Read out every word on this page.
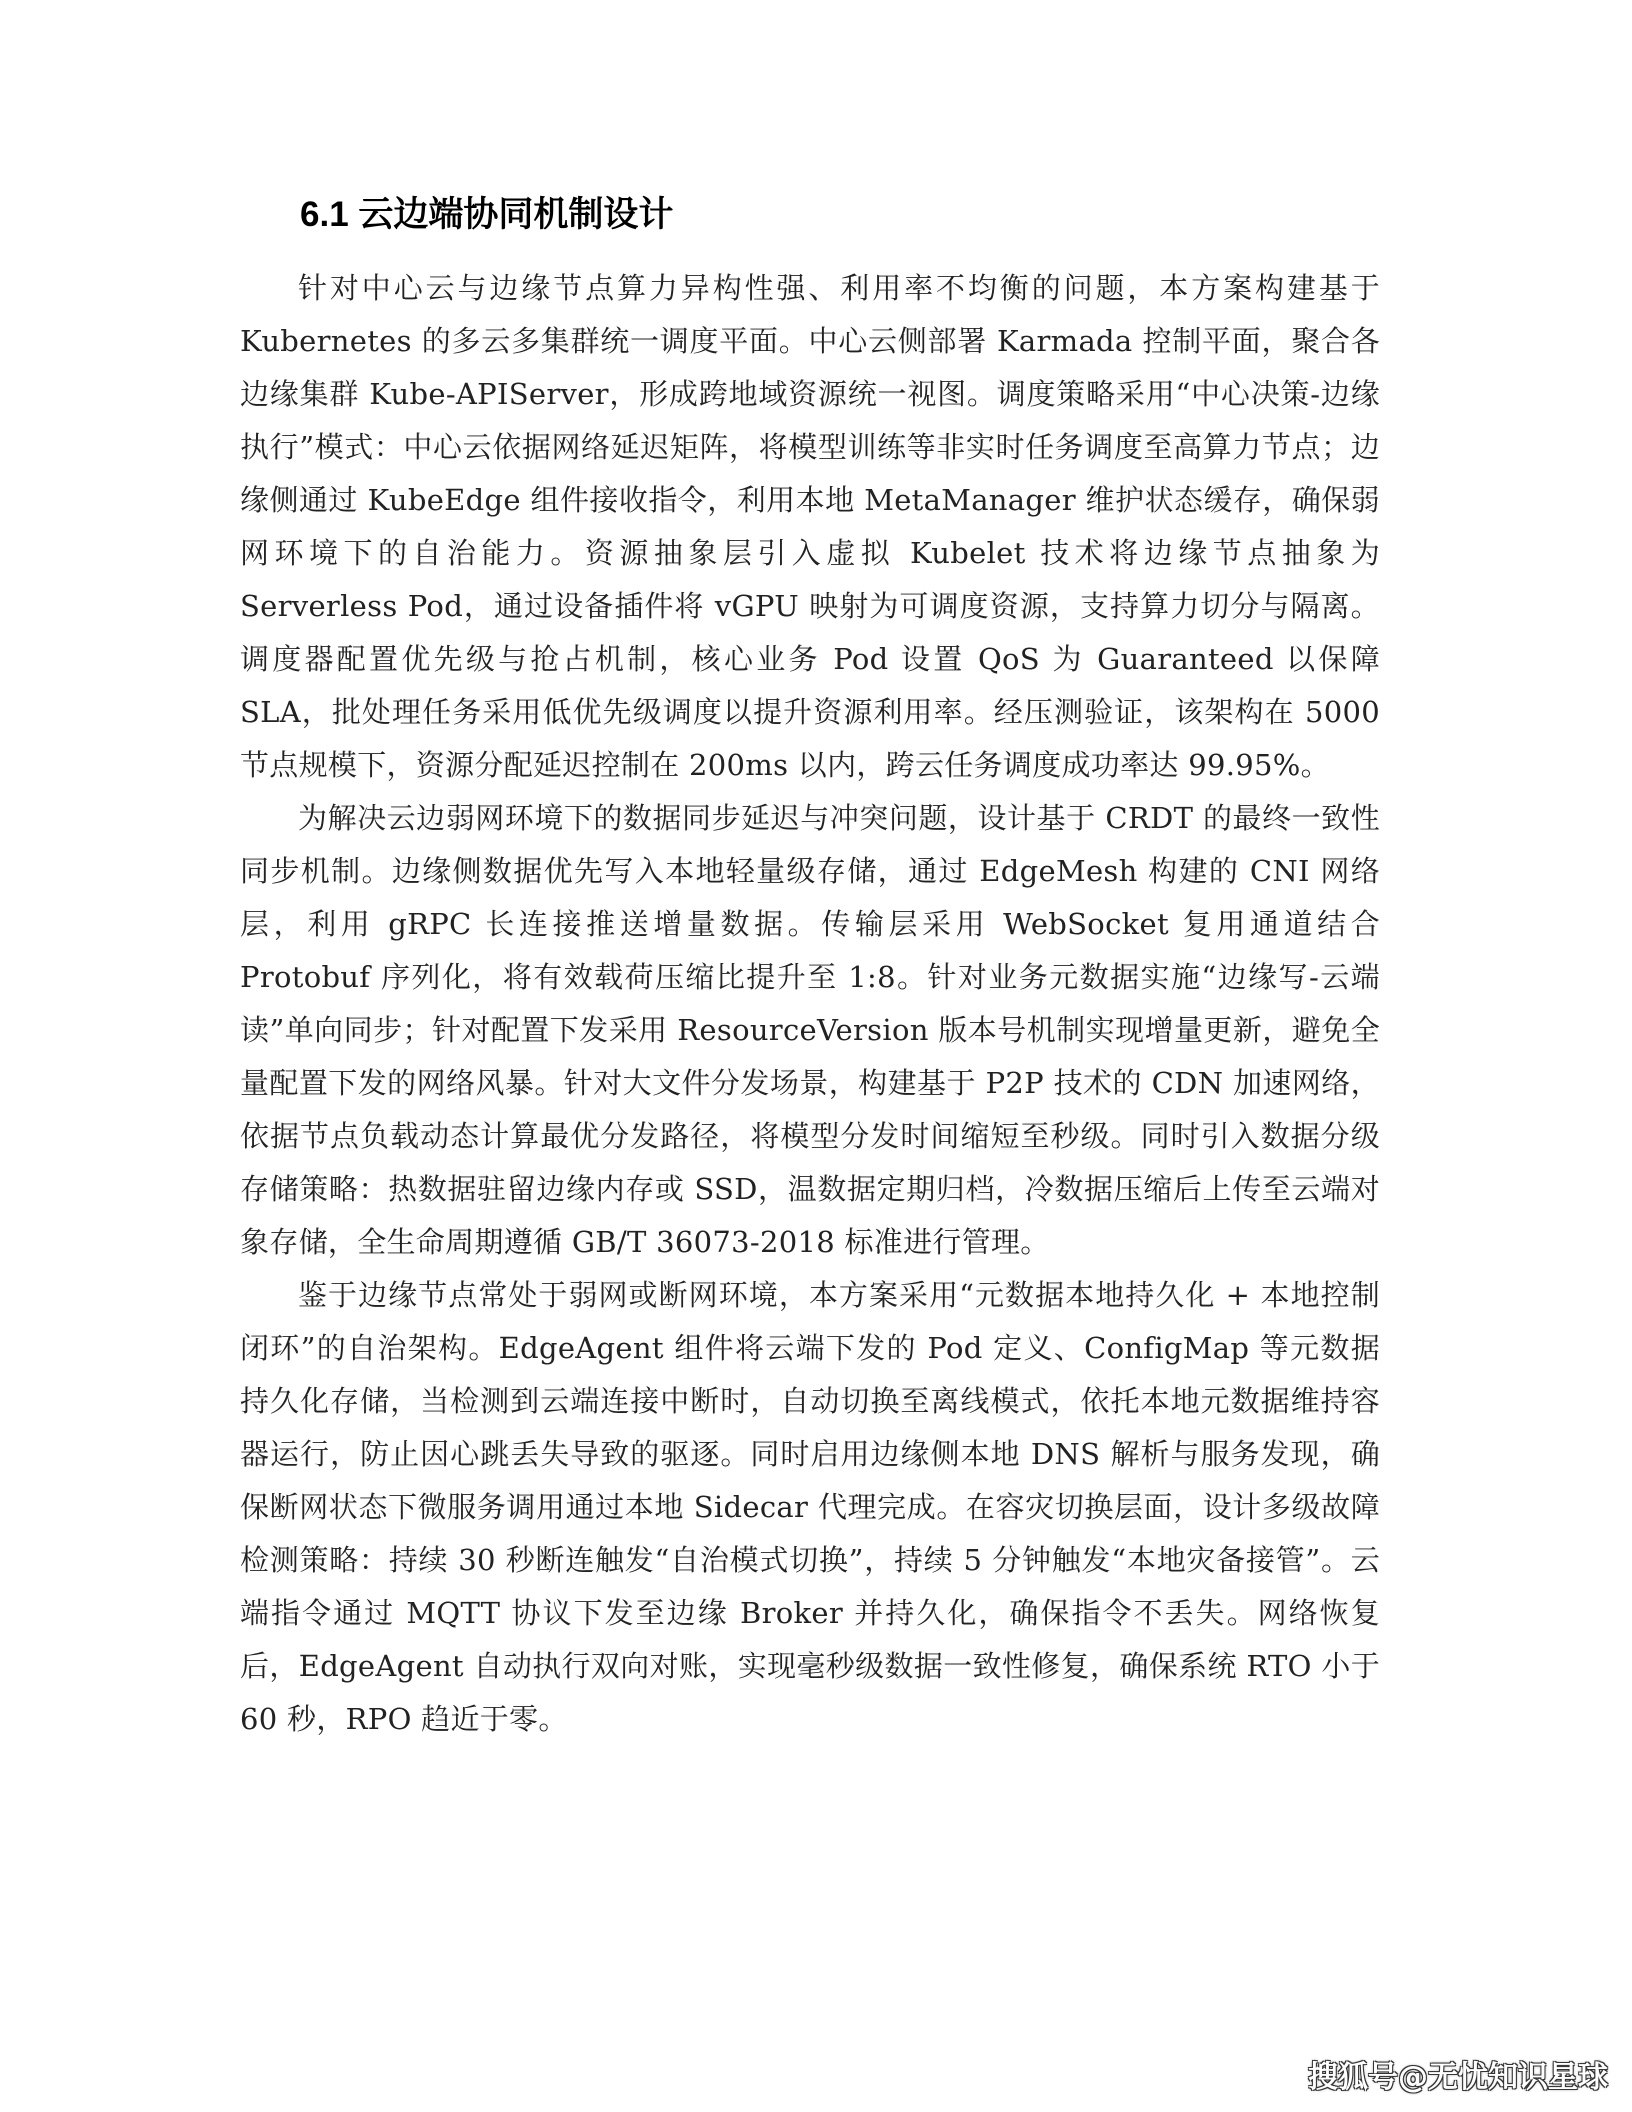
6.1 云边端协同机制设计

针对中心云与边缘节点算力异构性强、利用率不均衡的问题，本方案构建基于 Kubernetes 的多云多集群统一调度平面。中心云侧部署 Karmada 控制平面，聚合各边缘集群 Kube-APIServer，形成跨地域资源统一视图。调度策略采用“中心决策-边缘执行”模式：中心云依据网络延迟矩阵，将模型训练等非实时任务调度至高算力节点；边缘侧通过 KubeEdge 组件接收指令，利用本地 MetaManager 维护状态缓存，确保弱网环境下的自治能力。资源抽象层引入虚拟 Kubelet 技术将边缘节点抽象为 Serverless Pod，通过设备插件将 vGPU 映射为可调度资源，支持算力切分与隔离。调度器配置优先级与抢占机制，核心业务 Pod 设置 QoS 为 Guaranteed 以保障 SLA，批处理任务采用低优先级调度以提升资源利用率。经压测验证，该架构在 5000 节点规模下，资源分配延迟控制在 200ms 以内，跨云任务调度成功率达 99.95%。

为解决云边弱网环境下的数据同步延迟与冲突问题，设计基于 CRDT 的最终一致性同步机制。边缘侧数据优先写入本地轻量级存储，通过 EdgeMesh 构建的 CNI 网络层，利用 gRPC 长连接推送增量数据。传输层采用 WebSocket 复用通道结合 Protobuf 序列化，将有效载荷压缩比提升至 1:8。针对业务元数据实施“边缘写-云端读”单向同步；针对配置下发采用 ResourceVersion 版本号机制实现增量更新，避免全量配置下发的网络风暴。针对大文件分发场景，构建基于 P2P 技术的 CDN 加速网络，依据节点负载动态计算最优分发路径，将模型分发时间缩短至秒级。同时引入数据分级存储策略：热数据驻留边缘内存或 SSD，温数据定期归档，冷数据压缩后上传至云端对象存储，全生命周期遵循 GB/T 36073-2018 标准进行管理。

鉴于边缘节点常处于弱网或断网环境，本方案采用“元数据本地持久化 + 本地控制闭环”的自治架构。EdgeAgent 组件将云端下发的 Pod 定义、ConfigMap 等元数据持久化存储，当检测到云端连接中断时，自动切换至离线模式，依托本地元数据维持容器运行，防止因心跳丢失导致的驱逐。同时启用边缘侧本地 DNS 解析与服务发现，确保断网状态下微服务调用通过本地 Sidecar 代理完成。在容灾切换层面，设计多级故障检测策略：持续 30 秒断连触发“自治模式切换”，持续 5 分钟触发“本地灾备接管”。云端指令通过 MQTT 协议下发至边缘 Broker 并持久化，确保指令不丢失。网络恢复后，EdgeAgent 自动执行双向对账，实现毫秒级数据一致性修复，确保系统 RTO 小于 60 秒，RPO 趋近于零。

搜狐号@无忧知识星球
